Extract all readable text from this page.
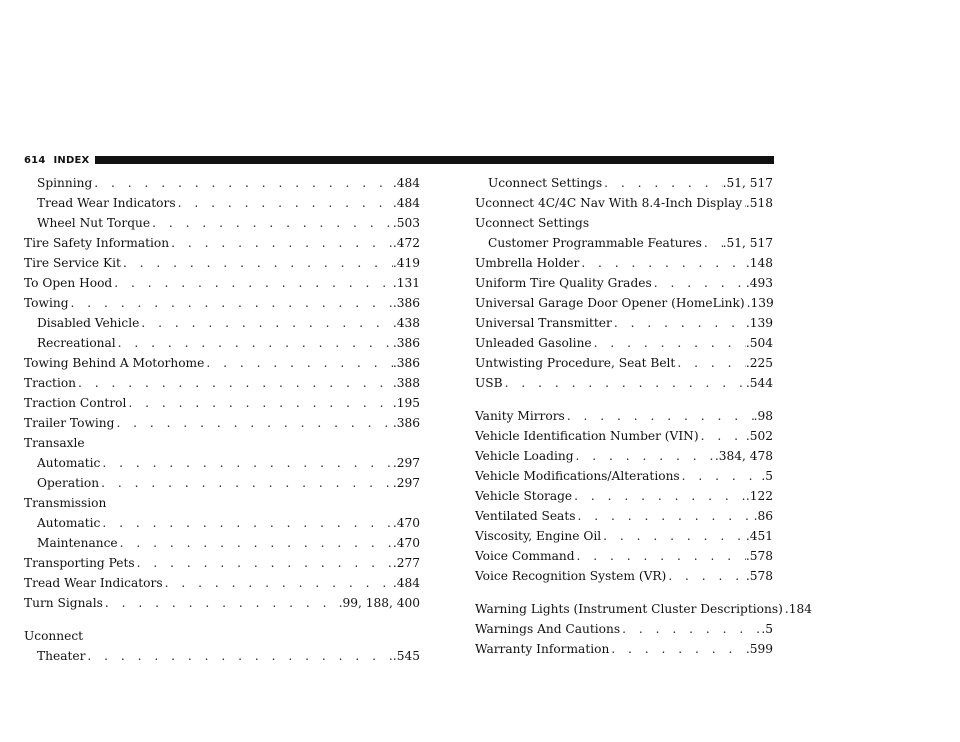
614 INDEX
Spinning . . .	.484
Tread Wear Indicators . . .	.484
Wheel Nut Torque . . .	.503
Tire Safety Information . . .	.472
Tire Service Kit . . .	.419
To Open Hood . . .	.131
Towing . . .	.386
Disabled Vehicle . . .	.438
Recreational . . .	.386
Towing Behind A Motorhome . . .	.386
Traction . . .	.388
Traction Control . . .	.195
Trailer Towing . . .	.386
Transaxle
Automatic . . .	.297
Operation . . .	.297
Transmission
Automatic . . .	.470
Maintenance . . .	.470
Transporting Pets . . .	.277
Tread Wear Indicators . . .	.484
Turn Signals . . .	.99, 188, 400
Uconnect
Theater . . .	.545
Uconnect Settings . . .	.51, 517
Uconnect 4C/4C Nav With 8.4-Inch Display . . . .518
Uconnect Settings
Customer Programmable Features . . . .51, 517
Umbrella Holder . . .	.148
Uniform Tire Quality Grades . . .	.493
Universal Garage Door Opener (HomeLink) . . . .139
Universal Transmitter . . .	.139
Unleaded Gasoline . . .	.504
Untwisting Procedure, Seat Belt . . .	.225
USB . . .	.544
Vanity Mirrors . . .	.98
Vehicle Identification Number (VIN) . . .	.502
Vehicle Loading . . .	.384, 478
Vehicle Modifications/Alterations . . .	.5
Vehicle Storage . . .	.122
Ventilated Seats . . .	.86
Viscosity, Engine Oil . . .	.451
Voice Command . . .	.578
Voice Recognition System (VR) . . .	.578
Warning Lights (Instrument Cluster Descriptions) . . . .184
Warnings And Cautions . . .	.5
Warranty Information . . .	.599
